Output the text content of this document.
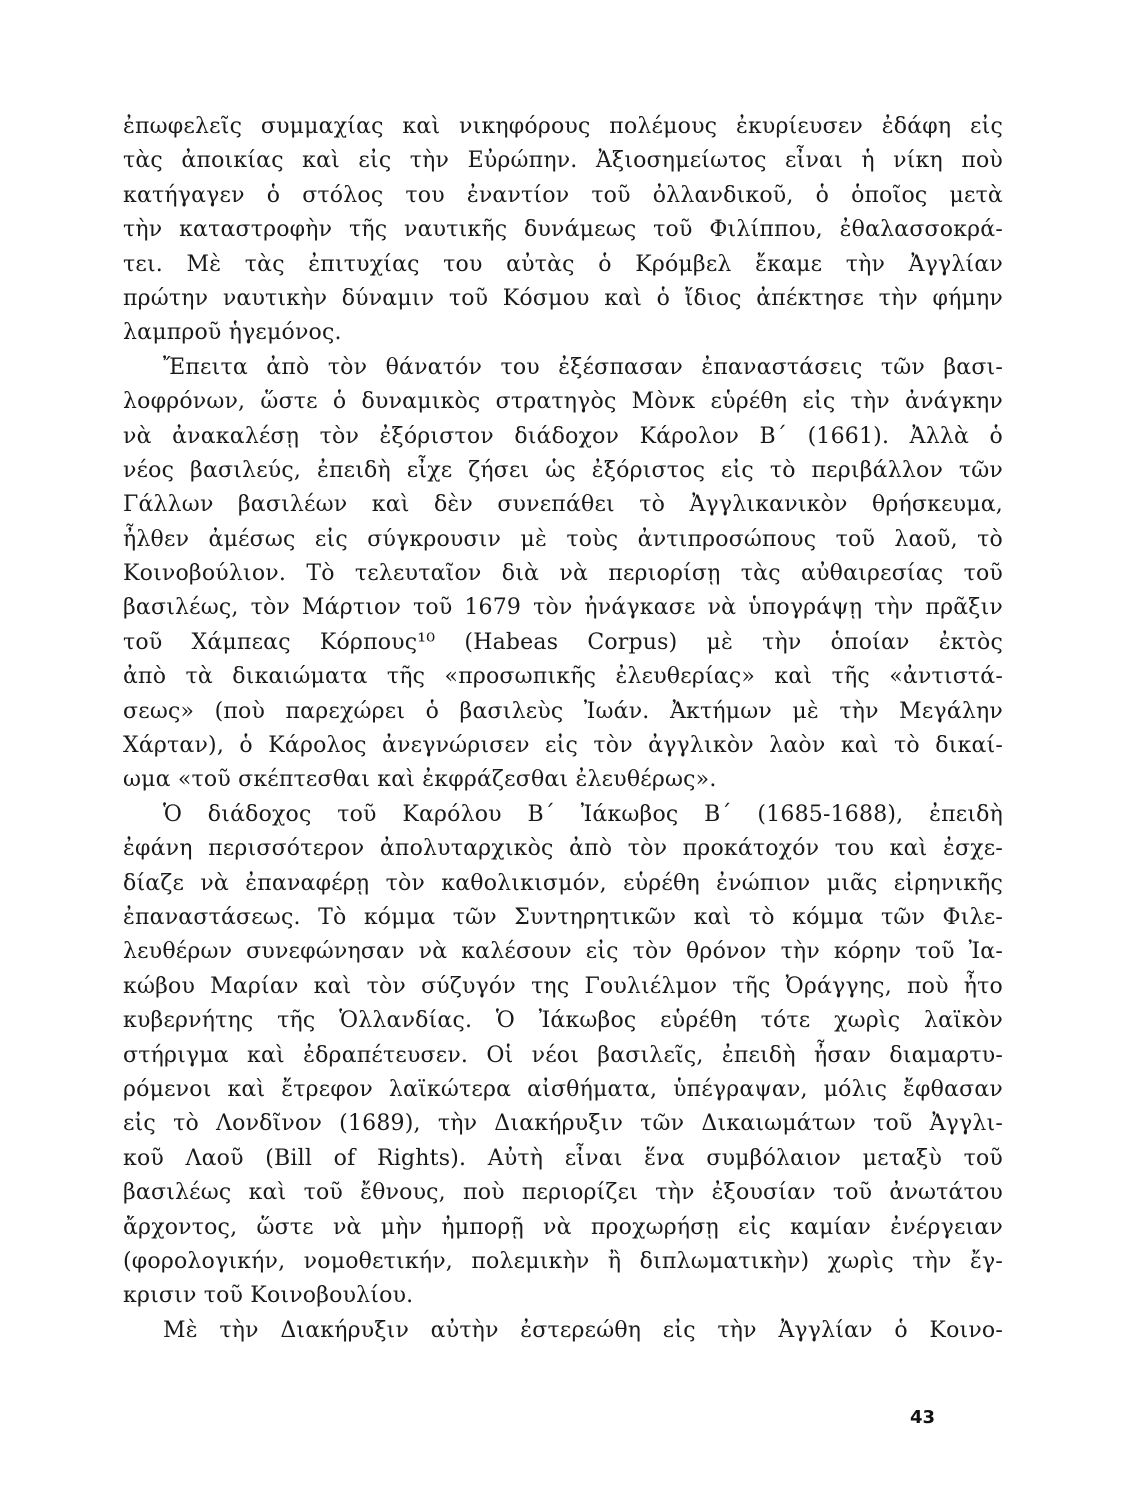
ἐπωφελεῖς συμμαχίας καὶ νικηφόρους πολέμους ἐκυρίευσεν ἐδάφη εἰς
τὰς ἀποικίας καὶ εἰς τὴν Εὐρώπην. Ἀξιοσημείωτος εἶναι ἡ νίκη ποὺ
κατήγαγεν ὁ στόλος του ἐναντίον τοῦ ὀλλανδικοῦ, ὁ ὁποῖος μετὰ
τὴν καταστροφὴν τῆς ναυτικῆς δυνάμεως τοῦ Φιλίππου, ἐθαλασσοκρά-
τει. Μὲ τὰς ἐπιτυχίας του αὐτὰς ὁ Κρόμβελ ἔκαμε τὴν Ἀγγλίαν
πρώτην ναυτικὴν δύναμιν τοῦ Κόσμου καὶ ὁ ἴδιος ἀπέκτησε τὴν φήμην
λαμπροῦ ἡγεμόνος.
Ἔπειτα ἀπὸ τὸν θάνατόν του ἐξέσπασαν ἐπαναστάσεις τῶν βασι-
λοφρόνων, ὥστε ὁ δυναμικὸς στρατηγὸς Μὸνκ εὑρέθη εἰς τὴν ἀνάγκην
νὰ ἀνακαλέσῃ τὸν ἐξόριστον διάδοχον Κάρολον Β΄ (1661). Ἀλλὰ ὁ
νέος βασιλεύς, ἐπειδὴ εἶχε ζήσει ὡς ἐξόριστος εἰς τὸ περιβάλλον τῶν
Γάλλων βασιλέων καὶ δὲν συνεπάθει τὸ Ἀγγλικανικὸν θρήσκευμα,
ἦλθεν ἀμέσως εἰς σύγκρουσιν μὲ τοὺς ἀντιπροσώπους τοῦ λαοῦ, τὸ
Κοινοβούλιον. Τὸ τελευταῖον διὰ νὰ περιορίσῃ τὰς αὐθαιρεσίας τοῦ
βασιλέως, τὸν Μάρτιον τοῦ 1679 τὸν ἠνάγκασε νὰ ὑπογράψῃ τὴν πρᾶξιν
τοῦ Χάμπεας Κόρπους¹⁰ (Habeas Corpus) μὲ τὴν ὁποίαν ἐκτὸς
ἀπὸ τὰ δικαιώματα τῆς «προσωπικῆς ἐλευθερίας» καὶ τῆς «ἀντιστά-
σεως» (ποὺ παρεχώρει ὁ βασιλεὺς Ἰωάν. Ἀκτήμων μὲ τὴν Μεγάλην
Χάρταν), ὁ Κάρολος ἀνεγνώρισεν εἰς τὸν ἀγγλικὸν λαὸν καὶ τὸ δικαί-
ωμα «τοῦ σκέπτεσθαι καὶ ἐκφράζεσθαι ἐλευθέρως».
Ὁ διάδοχος τοῦ Καρόλου Β΄ Ἰάκωβος Β΄ (1685-1688), ἐπειδὴ
ἐφάνη περισσότερον ἀπολυταρχικὸς ἀπὸ τὸν προκάτοχόν του καὶ ἐσχε-
δίαζε νὰ ἐπαναφέρῃ τὸν καθολικισμόν, εὑρέθη ἐνώπιον μιᾶς εἰρηνικῆς
ἐπαναστάσεως. Τὸ κόμμα τῶν Συντηρητικῶν καὶ τὸ κόμμα τῶν Φιλε-
λευθέρων συνεφώνησαν νὰ καλέσουν εἰς τὸν θρόνον τὴν κόρην τοῦ Ἰα-
κώβου Μαρίαν καὶ τὸν σύζυγόν της Γουλιέλμον τῆς Ὀράγγης, ποὺ ἦτο
κυβερνήτης τῆς Ὁλλανδίας. Ὁ Ἰάκωβος εὑρέθη τότε χωρὶς λαϊκὸν
στήριγμα καὶ ἐδραπέτευσεν. Οἱ νέοι βασιλεῖς, ἐπειδὴ ἦσαν διαμαρτυ-
ρόμενοι καὶ ἔτρεφον λαϊκώτερα αἰσθήματα, ὑπέγραψαν, μόλις ἔφθασαν
εἰς τὸ Λονδῖνον (1689), τὴν Διακήρυξιν τῶν Δικαιωμάτων τοῦ Ἀγγλι-
κοῦ Λαοῦ (Bill of Rights). Αὐτὴ εἶναι ἕνα συμβόλαιον μεταξὺ τοῦ
βασιλέως καὶ τοῦ ἔθνους, ποὺ περιορίζει τὴν ἐξουσίαν τοῦ ἀνωτάτου
ἄρχοντος, ὥστε νὰ μὴν ἠμπορῇ νὰ προχωρήσῃ εἰς καμίαν ἐνέργειαν
(φορολογικήν, νομοθετικήν, πολεμικὴν ἢ διπλωματικὴν) χωρὶς τὴν ἔγ-
κρισιν τοῦ Κοινοβουλίου.
Μὲ τὴν Διακήρυξιν αὐτὴν ἐστερεώθη εἰς τὴν Ἀγγλίαν ὁ Κοινο-
43
